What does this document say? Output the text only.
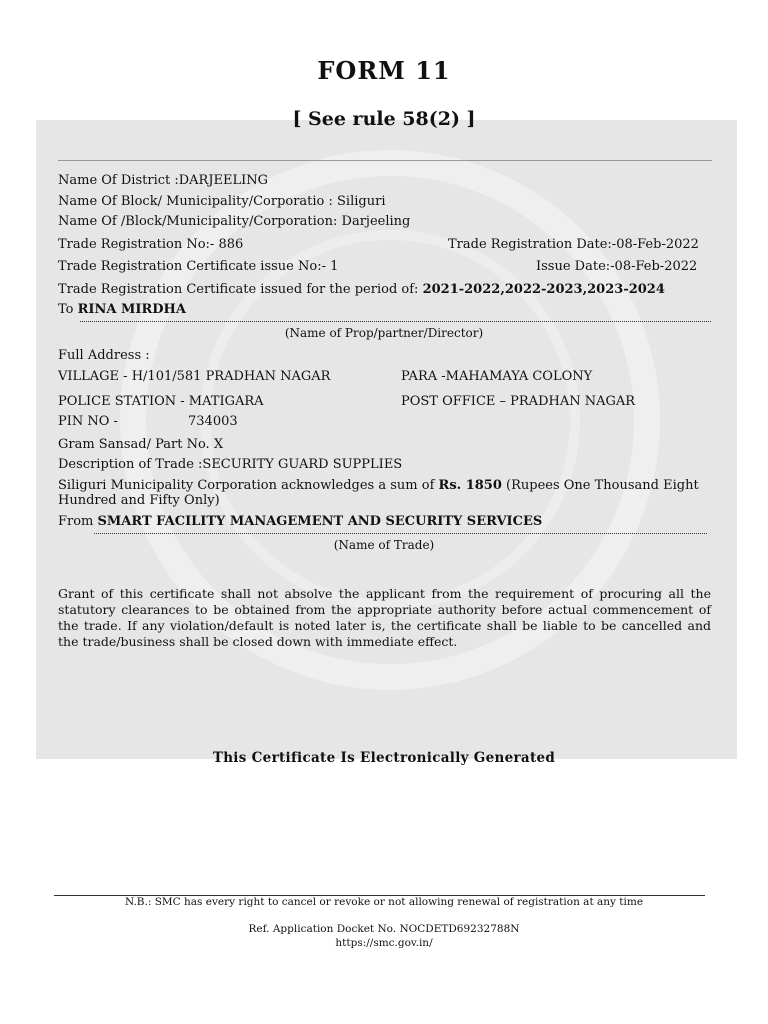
FORM 11
[ See rule 58(2) ]
Name Of District :DARJEELING
Name Of Block/ Municipality/Corporatio : Siliguri
Name Of /Block/Municipality/Corporation: Darjeeling
Trade Registration No:- 886	Trade Registration Date:-08-Feb-2022
Trade Registration Certificate issue No:- 1	Issue Date:-08-Feb-2022
Trade Registration Certificate issued for the period of: 2021-2022,2022-2023,2023-2024
To RINA MIRDHA
(Name of Prop/partner/Director)
Full Address :
VILLAGE - H/101/581 PRADHAN NAGAR	PARA -MAHAMAYA COLONY
POLICE STATION - MATIGARA	POST OFFICE – PRADHAN NAGAR
PIN NO -	734003
Gram Sansad/ Part No. X
Description of Trade :SECURITY GUARD SUPPLIES
Siliguri Municipality Corporation acknowledges a sum of Rs. 1850 (Rupees One Thousand Eight
Hundred and Fifty Only)
From SMART FACILITY MANAGEMENT AND SECURITY SERVICES
(Name of Trade)
Grant of this certificate shall not absolve the applicant from the requirement of procuring all the statutory clearances to be obtained from the appropriate authority before actual commencement of the trade. If any violation/default is noted later is, the certificate shall be liable to be cancelled and the trade/business shall be closed down with immediate effect.
This Certificate Is Electronically Generated
N.B.: SMC has every right to cancel or revoke or not allowing renewal of registration at any time
Ref. Application Docket No. NOCDETD69232788N
https://smc.gov.in/
